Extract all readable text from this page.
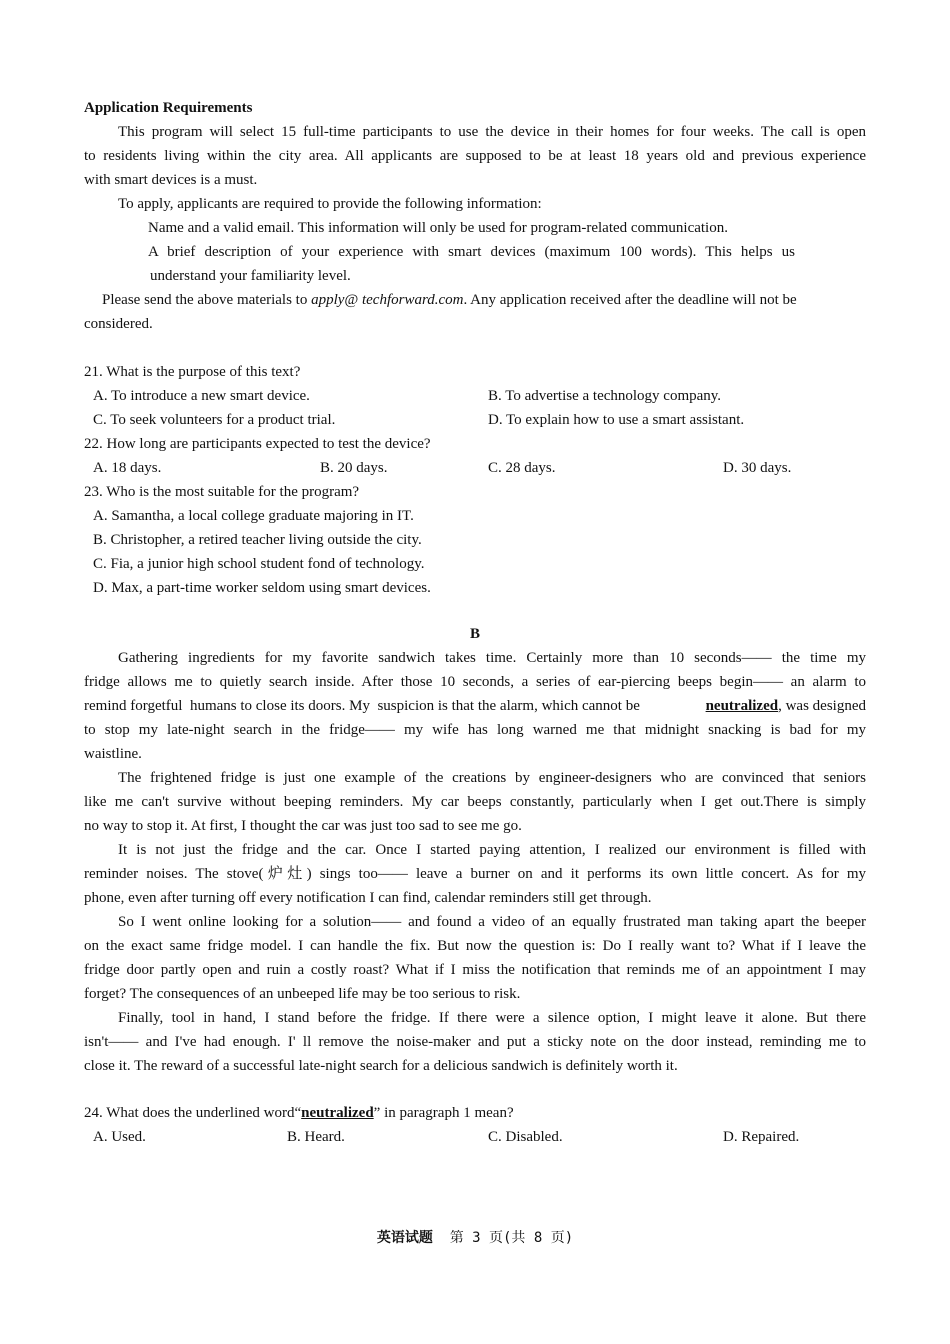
Application Requirements
This program will select 15 full-time participants to use the device in their homes for four weeks. The call is open
to residents living within the city area. All applicants are supposed to be at least 18 years old and previous experience
with smart devices is a must.
To apply, applicants are required to provide the following information:
Name and a valid email. This information will only be used for program-related communication.
A brief description of your experience with smart devices (maximum 100 words). This helps us
understand your familiarity level.
Please send the above materials to apply@ techforward.com. Any application received after the deadline will not be
considered.
21. What is the purpose of this text?
A. To introduce a new smart device.	B. To advertise a technology company.
C. To seek volunteers for a product trial.	D. To explain how to use a smart assistant.
22. How long are participants expected to test the device?
A. 18 days.	B. 20 days.	C. 28 days.	D. 30 days.
23. Who is the most suitable for the program?
A. Samantha, a local college graduate majoring in IT.
B. Christopher, a retired teacher living outside the city.
C. Fia, a junior high school student fond of technology.
D. Max, a part-time worker seldom using smart devices.
B
Gathering ingredients for my favorite sandwich takes time. Certainly more than 10 seconds—— the time my
fridge allows me to quietly search inside. After those 10 seconds, a series of ear-piercing beeps begin—— an alarm to
remind forgetful  humans to close its doors. My  suspicion is that the alarm, which cannot be	neutralized, was designed
to stop my late-night search in the fridge—— my wife has long warned me that midnight snacking is bad for my
waistline.
The frightened fridge is just one example of the creations by engineer-designers who are convinced that seniors
like me can't survive without beeping reminders. My car beeps constantly, particularly when I get out.There is simply
no way to stop it. At first, I thought the car was just too sad to see me go.
It is not just the fridge and the car. Once I started paying attention, I realized our environment is filled with
reminder noises. The stove(炉灶) sings too—— leave a burner on and it performs its own little concert. As for my
phone, even after turning off every notification I can find, calendar reminders still get through.
So I went online looking for a solution—— and found a video of an equally frustrated man taking apart the beeper
on the exact same fridge model. I can handle the fix. But now the question is: Do I really want to? What if I leave the
fridge door partly open and ruin a costly roast? What if I miss the notification that reminds me of an appointment I may
forget? The consequences of an unbeeped life may be too serious to risk.
Finally, tool in hand, I stand before the fridge. If there were a silence option, I might leave it alone. But there
isn't—— and I've had enough. I' ll remove the noise-maker and put a sticky note on the door instead, reminding me to
close it. The reward of a successful late-night search for a delicious sandwich is definitely worth it.
24. What does the underlined word“neutralized” in paragraph 1 mean?
A. Used.	B. Heard.	C. Disabled.	D. Repaired.
英语试题 第 3 页(共 8 页)
